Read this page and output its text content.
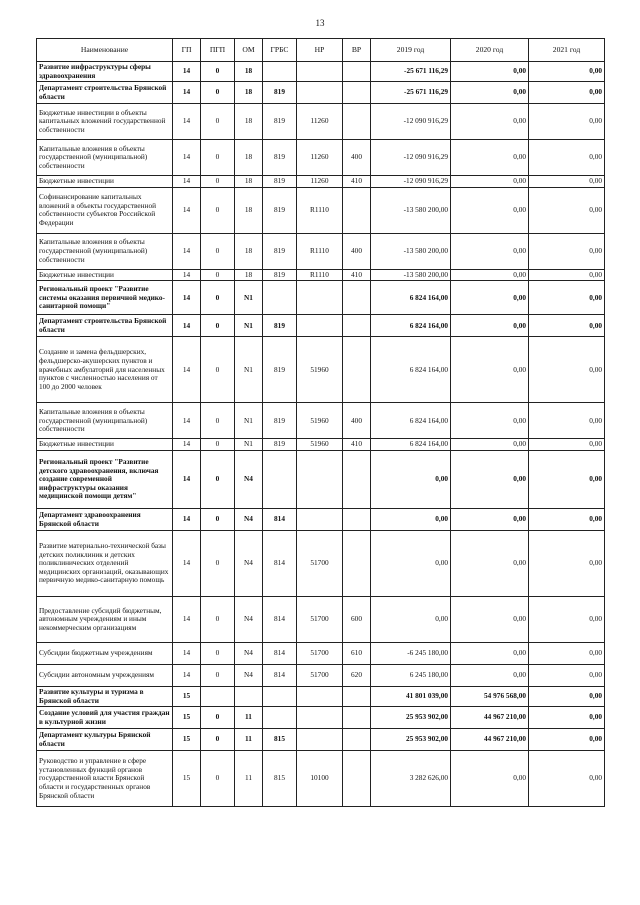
13
Наименование	ГП	ПГП	ОМ	ГРБС	НР	ВР	2019 год	2020 год	2021 год
Развитие инфраструктуры сферы здравоохранения	14	0	18				-25 671 116,29	0,00	0,00
Департамент строительства Брянской области	14	0	18	819			-25 671 116,29	0,00	0,00
Бюджетные инвестиции в объекты капитальных вложений государственной собственности	14	0	18	819	11260		-12 090 916,29	0,00	0,00
Капитальные вложения в объекты государственной (муниципальной) собственности	14	0	18	819	11260	400	-12 090 916,29	0,00	0,00
Бюджетные инвестиции	14	0	18	819	11260	410	-12 090 916,29	0,00	0,00
Софинансирование капитальных вложений в объекты государственной собственности субъектов Российской Федерации	14	0	18	819	R1110		-13 580 200,00	0,00	0,00
Капитальные вложения в объекты государственной (муниципальной) собственности	14	0	18	819	R1110	400	-13 580 200,00	0,00	0,00
Бюджетные инвестиции	14	0	18	819	R1110	410	-13 580 200,00	0,00	0,00
Региональный проект "Развитие системы оказания первичной медико-санитарной помощи"	14	0	N1				6 824 164,00	0,00	0,00
Департамент строительства Брянской области	14	0	N1	819			6 824 164,00	0,00	0,00
Создание и замена фельдшерских, фельдшерско-акушерских пунктов и врачебных амбулаторий для населенных пунктов с численностью населения от 100 до 2000 человек	14	0	N1	819	51960		6 824 164,00	0,00	0,00
Капитальные вложения в объекты государственной (муниципальной) собственности	14	0	N1	819	51960	400	6 824 164,00	0,00	0,00
Бюджетные инвестиции	14	0	N1	819	51960	410	6 824 164,00	0,00	0,00
Региональный проект "Развитие детского здравоохранения, включая создание современной инфраструктуры оказания медицинской помощи детям"	14	0	N4				0,00	0,00	0,00
Департамент здравоохранения Брянской области	14	0	N4	814			0,00	0,00	0,00
Развитие материально-технической базы детских поликлиник и детских поликлинических отделений медицинских организаций, оказывающих первичную медико-санитарную помощь	14	0	N4	814	51700		0,00	0,00	0,00
Предоставление субсидий бюджетным, автономным учреждениям и иным некоммерческим организациям	14	0	N4	814	51700	600	0,00	0,00	0,00
Субсидии бюджетным учреждениям	14	0	N4	814	51700	610	-6 245 180,00	0,00	0,00
Субсидии автономным учреждениям	14	0	N4	814	51700	620	6 245 180,00	0,00	0,00
Развитие культуры и туризма в Брянской области	15						41 801 039,00	54 976 568,00	0,00
Создание условий для участия граждан в культурной жизни	15	0	11				25 953 902,00	44 967 210,00	0,00
Департамент культуры Брянской области	15	0	11	815			25 953 902,00	44 967 210,00	0,00
Руководство и управление в сфере установленных функций органов государственной власти Брянской области и государственных органов Брянской области	15	0	11	815	10100		3 282 626,00	0,00	0,00
